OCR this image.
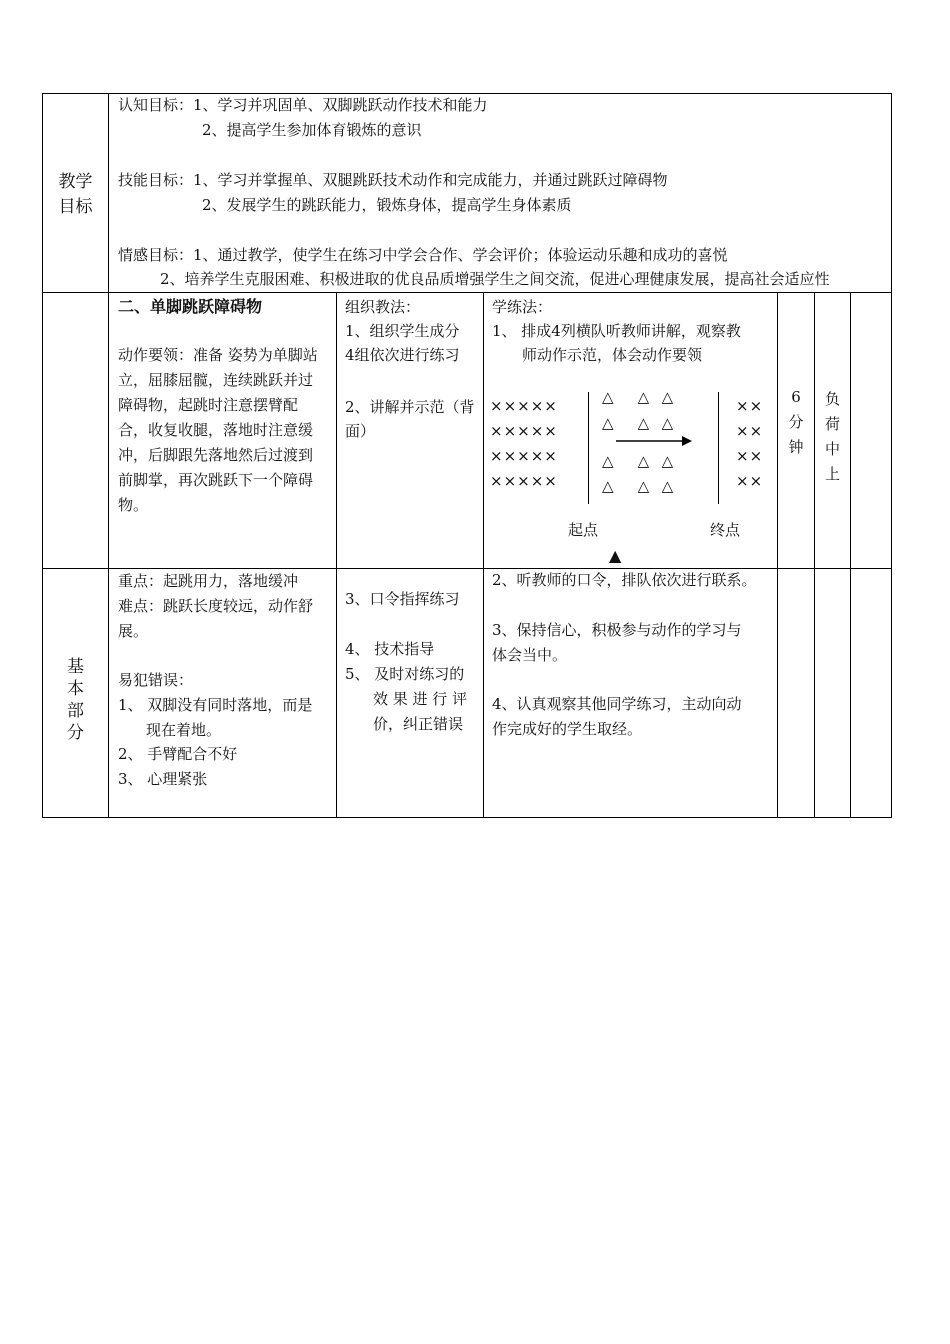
教学
目标
认知目标：1、学习并巩固单、双脚跳跃动作技术和能力
2、提高学生参加体育锻炼的意识
技能目标：1、学习并掌握单、双腿跳跃技术动作和完成能力，并通过跳跃过障碍物
2、发展学生的跳跃能力，锻炼身体，提高学生身体素质
情感目标：1、通过教学，使学生在练习中学会合作、学会评价；体验运动乐趣和成功的喜悦
2、培养学生克服困难、积极进取的优良品质增强学生之间交流，促进心理健康发展，提高社会适应性
二、单脚跳跃障碍物
动作要领：准备 姿势为单脚站
立，屈膝屈髋，连续跳跃并过
障碍物，起跳时注意摆臂配
合，收复收腿，落地时注意缓
冲，后脚跟先落地然后过渡到
前脚掌，再次跳跃下一个障碍
物。
组织教法：
1、组织学生成分
4组依次进行练习
2、讲解并示范（背
面）
学练法：
1、 排成4列横队听教师讲解，观察教
师动作示范，体会动作要领
×××××
×××××
×××××
×××××
△    △  △
△    △  △
△    △  △
△    △  △
××
××
××
××
起点	终点
▲
6
分
钟
负
荷
中
上
基
本
部
分
重点：起跳用力，落地缓冲
难点：跳跃长度较远，动作舒
展。
易犯错误：
1、 双脚没有同时落地，而是
现在着地。
2、 手臂配合不好
3、 心理紧张
3、口令指挥练习
4、 技术指导
5、 及时对练习的
效 果 进 行 评
价，纠正错误
2、听教师的口令，排队依次进行联系。
3、保持信心，积极参与动作的学习与
体会当中。
4、认真观察其他同学练习，主动向动
作完成好的学生取经。
